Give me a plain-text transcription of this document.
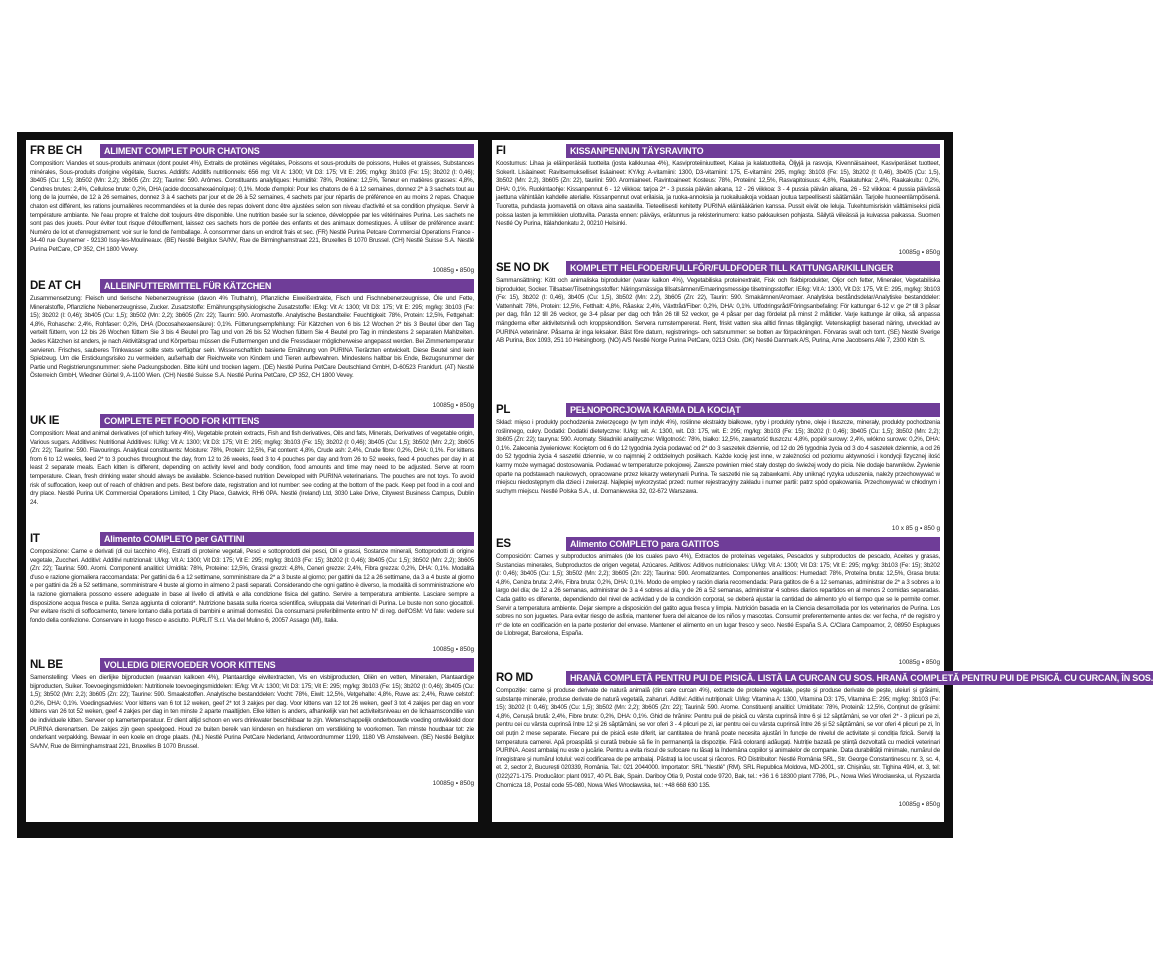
FR BE CH	ALIMENT COMPLET POUR CHATONS
Composition: Viandes et sous-produits animaux (dont poulet 4%), Extraits de protéines végétales, Poissons et sous-produits de poissons, Huiles et graisses, Substances minérales, Sous-produits d'origine végétale, Sucres. Additifs: Additifs nutritionnels: 656 mg: Vit A: 1300; Vit D3: 175; Vit E: 295; mg/kg: 3b103 (Fe: 15); 3b202 (I: 0,46); 3b405 (Cu: 1,5); 3b502 (Mn: 2,2); 3b605 (Zn: 22); Taurine: 590. Arômes. Constituants analytiques: Humidité: 78%, Protéine: 12,5%, Teneur en matières grasses: 4,8%, Cendres brutes: 2,4%, Cellulose brute: 0,2%, DHA (acide docosahexaénoïque): 0,1%. Mode d'emploi: Pour les chatons de 6 à 12 semaines, donnez 2* à 3 sachets tout au long de la journée, de 12 à 26 semaines, donnez 3 à 4 sachets par jour et de 26 à 52 semaines, 4 sachets par jour répartis de préférence en au moins 2 repas. Chaque chaton est différent, les rations journalières recommandées et la durée des repas doivent donc être ajustées selon son niveau d'activité et sa condition physique. Servir à température ambiante. Ne l'eau propre et fraîche doit toujours être disponible. Une nutrition basée sur la science, développée par les vétérinaires Purina. Les sachets ne sont pas des jouets. Pour éviter tout risque d'étouffement, laissez ces sachets hors de portée des enfants et des animaux domestiques. À utiliser de préférence avant: Numéro de lot et d'enregistrement: voir sur le fond de l'emballage. À consommer dans un endroit frais et sec. (FR) Nestlé Purina Petcare Commercial Operations France - 34-40 rue Guynemer - 92130 Issy-les-Moulineaux. (BE) Nestlé Belgilux SA/NV, Rue de Birminghamstraat 221, Bruxelles B 1070 Brussel. (CH) Nestlé Suisse S.A. Nestlé Purina PetCare, CP 352, CH 1800 Vevey.
10085g ▪ 850g
DE AT CH	ALLEINFUTTERMITTEL FÜR KÄTZCHEN
Zusammensetzung: Fleisch und tierische Nebenerzeugnisse (davon 4% Truthahn), Pflanzliche Eiweißextrakte, Fisch und Fischnebenerzeugnisse, Öle und Fette, Mineralstoffe, Pflanzliche Nebenerzeugnisse, Zucker. Zusatzstoffe: Ernährungsphysiologische Zusatzstoffe: IE/kg: Vit A: 1300; Vit D3: 175; Vit E: 295; mg/kg: 3b103 (Fe: 15); 3b202 (I: 0,46); 3b405 (Cu: 1,5); 3b502 (Mn: 2,2); 3b605 (Zn: 22); Taurin: 590. Aromastoffe. Analytische Bestandteile: Feuchtigkeit: 78%, Protein: 12,5%, Fettgehalt: 4,8%, Rohasche: 2,4%, Rohfaser: 0,2%, DHA (Docosahexaensäure): 0,1%. Fütterungsempfehlung: Für Kätzchen von 6 bis 12 Wochen 2* bis 3 Beutel über den Tag verteilt füttern, von 12 bis 26 Wochen füttern Sie 3 bis 4 Beutel pro Tag und von 26 bis 52 Wochen füttern Sie 4 Beutel pro Tag in mindestens 2 separaten Mahlzeiten. Jedes Kätzchen ist anders, je nach Aktivitätsgrad und Körperbau müssen die Futtermengen und die Fressdauer möglicherweise angepasst werden. Bei Zimmertemperatur servieren. Frisches, sauberes Trinkwasser sollte stets verfügbar sein. Wissenschaftlich basierte Ernährung von PURINA Tierärzten entwickelt. Diese Beutel sind kein Spielzeug. Um die Erstickungsrisiko zu vermeiden, außerhalb der Reichweite von Kindern und Tieren aufbewahren. Mindestens haltbar bis Ende, Bezugsnummer der Partie und Registrierungsnummer: siehe Packungsboden. Bitte kühl und trocken lagern. (DE) Nestlé Purina PetCare Deutschland GmbH, D-60523 Frankfurt. (AT) Nestlé Österreich GmbH, Wiedner Gürtel 9, A-1100 Wien. (CH) Nestlé Suisse S.A. Nestlé Purina PetCare, CP 352, CH 1800 Vevey.
10085g ▪ 850g
UK IE	COMPLETE PET FOOD FOR KITTENS
Composition: Meat and animal derivatives (of which turkey 4%), Vegetable protein extracts, Fish and fish derivatives, Oils and fats, Minerals, Derivatives of vegetable origin, Various sugars. Additives: Nutritional Additives: IU/kg: Vit A: 1300; Vit D3: 175; Vit E: 295; mg/kg: 3b103 (Fe: 15); 3b202 (I: 0,46); 3b405 (Cu: 1,5); 3b502 (Mn: 2,2); 3b605 (Zn: 22); Taurine: 590. Flavourings. Analytical constituents: Moisture: 78%, Protein: 12,5%, Fat content: 4,8%, Crude ash: 2,4%, Crude fibre: 0,2%, DHA: 0,1%. For kittens from 6 to 12 weeks, feed 2* to 3 pouches throughout the day, from 12 to 26 weeks, feed 3 to 4 pouches per day and from 26 to 52 weeks, feed 4 pouches per day in at least 2 separate meals. Each kitten is different, depending on activity level and body condition, food amounts and time may need to be adjusted. Serve at room temperature. Clean, fresh drinking water should always be available. Science-based nutrition Developed with PURINA veterinarians. The pouches are not toys. To avoid risk of suffocation, keep out of reach of children and pets. Best before date, registration and lot number: see coding at the bottom of the pack. Keep pet food in a cool and dry place. Nestlé Purina UK Commercial Operations Limited, 1 City Place, Gatwick, RH6 0PA. Nestlé (Ireland) Ltd, 3030 Lake Drive, Citywest Business Campus, Dublin 24.
IT	Alimento COMPLETO per GATTINI
Composizione: Carne e derivati (di cui tacchino 4%), Estratti di proteine vegetali, Pesci e sottoprodotti dei pesci, Oli e grassi, Sostanze minerali, Sottoprodotti di origine vegetale, Zuccheri. Additivi: Additivi nutrizionali: UI/kg: Vit A: 1300; Vit D3: 175; Vit E: 295; mg/kg: 3b103 (Fe: 15); 3b202 (I: 0,46); 3b405 (Cu: 1,5); 3b502 (Mn: 2,2); 3b605 (Zn: 22); Taurina: 590. Aromi. Componenti analitici: Umidità: 78%, Proteine: 12,5%, Grassi grezzi: 4,8%, Ceneri grezze: 2,4%, Fibra grezza: 0,2%, DHA: 0,1%. Modalità d'uso e razione giornaliera raccomandata: Per gattini da 6 a 12 settimane, somministrare da 2* a 3 buste al giorno; per gattini da 12 a 26 settimane, da 3 a 4 buste al giorno e per gattini da 26 a 52 settimane, somministrare 4 buste al giorno in almeno 2 pasti separati. Considerando che ogni gattino è diverso, la modalità di somministrazione e/o la razione giornaliera possono essere adeguate in base al livello di attività e alla condizione fisica del gattino. Servire a temperatura ambiente. Lasciare sempre a disposizione acqua fresca e pulita. Senza aggiunta di coloranti*. Nutrizione basata sulla ricerca scientifica, sviluppata dai Veterinari di Purina. Le buste non sono giocattoli. Per evitare rischi di soffocamento, tenere lontano dalla portata di bambini e animali domestici. Da consumarsi preferibilmente entro N° di reg. dell'OSM: Vd fate: vedere sul fondo della confezione. Conservare in luogo fresco e asciutto. PURLIT S.r.l. Via del Mulino 6, 20057 Assago (MI), Italia.
10085g ▪ 850g
NL BE	VOLLEDIG DIERVOEDER VOOR KITTENS
Samenstelling: Vlees en dierlijke bijproducten (waarvan kalkoen 4%), Plantaardige eiwitextracten, Vis en visbijproducten, Oliën en vetten, Mineralen, Plantaardige bijproducten, Suiker. Toevoegingsmiddelen: Nutritionele toevoegingsmiddelen: IE/kg: Vit A: 1300; Vit D3: 175; Vit E: 295; mg/kg: 3b103 (Fe: 15); 3b202 (I: 0,46); 3b405 (Cu: 1,5); 3b502 (Mn: 2,2); 3b605 (Zn: 22); Taurine: 590. Smaakstoffen. Analytische bestanddelen: Vocht: 78%, Eiwit: 12,5%, Vetgehalte: 4,8%, Ruwe as: 2,4%, Ruwe celstof: 0,2%, DHA: 0,1%. Voedingsadvies: Voor kittens van 6 tot 12 weken, geef 2* tot 3 zakjes per dag. Voor kittens van 12 tot 26 weken, geef 3 tot 4 zakjes per dag en voor kittens van 26 tot 52 weken, geef 4 zakjes per dag in ten minste 2 aparte maaltijden. Elke kitten is anders, afhankelijk van het activiteitsniveau en de lichaamsconditie van de individuele kitten. Serveer op kamertemperatuur. Er dient altijd schoon en vers drinkwater beschikbaar te zijn. Wetenschappelijk onderbouwde voeding ontwikkeld door PURINA dierenartsen. De zakjes zijn geen speelgoed. Houd ze buiten bereik van kinderen en huisdieren om verstikking te voorkomen. Ten minste houdbaar tot: zie onderkant verpakking. Bewaar in een koele en droge plaats. (NL) Nestlé Purina PetCare Nederland, Antwoordnummer 1199, 1180 VB Amstelveen. (BE) Nestlé Belgilux SA/NV, Rue de Birminghamstraat 221, Bruxelles B 1070 Brussel.
10085g ▪ 850g
FI	KISSANPENNUN TÄYSRAVINTO
Koostumus: Lihaa ja eläinperäisiä tuotteita (josta kalkkunaa 4%), Kasviproteiiniuutteet, Kalaa ja kalatuotteita, Öljyjä ja rasvoja, Kivennäisaineet, Kasviperäiset tuotteet, Sokerit. Lisäaineet: Ravitsemukselliset lisäaineet: KY/kg: A-vitamiini: 1300, D3-vitamiini: 175, E-vitamiini: 295, mg/kg: 3b103 (Fe: 15), 3b202 (I: 0,46), 3b405 (Cu: 1,5), 3b502 (Mn: 2,2), 3b605 (Zn: 22), tauriini: 590. Aromiaineet. Ravintoaineet: Kosteus: 78%, Proteiini: 12,5%, Rasvapitoisuus: 4,8%, Raakatuhka: 2,4%, Raakakuitu: 0,2%, DHA: 0,1%. Ruokintaohje: Kissanpennut 6 - 12 viikkoa: tarjoa 2* - 3 pussia päivän aikana, 12 - 26 viikkoa: 3 - 4 pussia päivän aikana, 26 - 52 viikkoa: 4 pussia päivässä jaettuna vähintään kahdelle aterialle. Kissanpennut ovat erilaisia, ja ruoka-annoksia ja ruokailuaikoja voidaan joutua tarpeellisesti säätämään. Tarjoile huoneenlämpöisenä. Tuoretta, puhdasta juomavettä on oltava aina saatavilla. Tieteellisesti kehitetty PURINA eläinlääkärien kanssa. Pussit eivät ole leluja. Tukehtumisriskin välttämiseksi pidä poissa lasten ja lemmikkien ulottuvilta. Parasta ennen: päiväys, erätunnus ja rekisterinumero: katso pakkauksen pohjasta. Säilytä viileässä ja kuivassa paikassa. Suomen Nestlé Oy Purina, Itälahdenkatu 2, 00210 Helsinki.
10085g ▪ 850g
SE NO DK	KOMPLETT HELFODER/FULLFÔR/FULDFODER TILL KATTUNGAR/KILLINGER
Sammansättning: Kött och animaliska biprodukter (varav kalkon 4%), Vegetabiliska proteinextrakt, Fisk och fiskbiprodukter, Oljor och fetter, Mineraler, Vegetabiliska biprodukter, Socker. Tillsatser/Tilsetningsstoffer: Näringsmässiga tillsatsämnen/Ernæringsmessige tilsetningsstoffer: IE/kg: Vit A: 1300, Vit D3: 175, Vit E: 295, mg/kg: 3b103 (Fe: 15), 3b202 (I: 0,46), 3b405 (Cu: 1,5), 3b502 (Mn: 2,2), 3b605 (Zn: 22), Taurin: 590. Smakämnen/Aromaer. Analytiska beståndsdelar/Analytiske bestanddeler: Vattenhalt: 78%, Protein: 12,5%, Fetthalt: 4,8%, Råaska: 2,4%, Växttråd/Fiber: 0,2%, DHA: 0,1%. Utfodringsråd/Fôringsanbefaling: För kattungar 6-12 v: ge 2* till 3 påsar per dag, från 12 till 26 veckor, ge 3-4 påsar per dag och från 26 till 52 veckor, ge 4 påsar per dag fördelat på minst 2 måltider. Varje kattunge är olika, så anpassa mängderna efter aktivitetsnivå och kroppskondition. Servera rumstempererat. Rent, friskt vatten ska alltid finnas tillgängligt. Vetenskapligt baserad näring, utvecklad av PURINA veterinärer. Påsarna är inga leksaker. Bäst före datum, registrerings- och satsnummer: se botten av förpackningen. Förvaras svalt och torrt. (SE) Nestlé Sverige AB Purina, Box 1093, 251 10 Helsingborg. (NO) A/S Nestlé Norge Purina PetCare, 0213 Oslo. (DK) Nestlé Danmark A/S, Purina, Arne Jacobsens Allé 7, 2300 Kbh S.
PL	PEŁNOPORCJOWA KARMA DLA KOCIĄT
Skład: mięso i produkty pochodzenia zwierzęcego (w tym indyk 4%), roślinne ekstrakty białkowe, ryby i produkty rybne, oleje i tłuszcze, minerały, produkty pochodzenia roślinnego, cukry. Dodatki: Dodatki dietetyczne: IU/kg: wit. A: 1300, wit. D3: 175, wit. E: 295; mg/kg: 3b103 (Fe: 15); 3b202 (I: 0,46); 3b405 (Cu: 1,5); 3b502 (Mn: 2,2); 3b605 (Zn: 22); tauryna: 590. Aromaty. Składniki analityczne: Wilgotność: 78%, białko: 12,5%, zawartość tłuszczu: 4,8%, popiół surowy: 2,4%, włókno surowe: 0,2%, DHA: 0,1%. Zalecenia żywieniowe: Kociętom od 6 do 12 tygodnia życia podawać od 2* do 3 saszetek dziennie, od 12 do 26 tygodnia życia od 3 do 4 saszetek dziennie, a od 26 do 52 tygodnia życia 4 saszetki dziennie, w co najmniej 2 oddzielnych posiłkach. Każde kocię jest inne, w zależności od poziomu aktywności i kondycji fizycznej ilość karmy może wymagać dostosowania. Podawać w temperaturze pokojowej. Zawsze powinien mieć stały dostęp do świeżej wody do picia. Nie dodaje barwników. Żywienie oparte na podstawach naukowych, opracowane przez lekarzy weterynarii Purina. Te saszetki nie są zabawkami. Aby uniknąć ryzyka uduszenia, należy przechowywać w miejscu niedostępnym dla dzieci i zwierząt. Najlepiej wykorzystać przed: numer rejestracyjny zakładu i numer partii: patrz spód opakowania. Przechowywać w chłodnym i suchym miejscu. Nestlé Polska S.A., ul. Domaniewska 32, 02-672 Warszawa.
10 x 85 g ▪ 850 g
ES	Alimento COMPLETO para GATITOS
Composición: Carnes y subproductos animales (de los cuales pavo 4%), Extractos de proteínas vegetales, Pescados y subproductos de pescado, Aceites y grasas, Sustancias minerales, Subproductos de origen vegetal, Azúcares. Aditivos: Aditivos nutricionales: UI/kg: Vit A: 1300; Vit D3: 175; Vit E: 295; mg/kg: 3b103 (Fe: 15); 3b202 (I: 0,46); 3b405 (Cu: 1,5); 3b502 (Mn: 2,2); 3b605 (Zn: 22); Taurina: 590. Aromatizantes. Componentes analíticos: Humedad: 78%, Proteína bruta: 12,5%, Grasa bruta: 4,8%, Ceniza bruta: 2,4%, Fibra bruta: 0,2%, DHA: 0,1%. Modo de empleo y ración diaria recomendada: Para gatitos de 6 a 12 semanas, administrar de 2* a 3 sobres a lo largo del día; de 12 a 26 semanas, administrar de 3 a 4 sobres al día, y de 26 a 52 semanas, administrar 4 sobres diarios repartidos en al menos 2 comidas separadas. Cada gatito es diferente, dependiendo del nivel de actividad y de la condición corporal, se deberá ajustar la cantidad de alimento y/o el tiempo que se le permite comer. Servir a temperatura ambiente. Dejar siempre a disposición del gatito agua fresca y limpia. Nutrición basada en la Ciencia desarrollada por los veterinarios de Purina. Los sobres no son juguetes. Para evitar riesgo de asfixia, mantener fuera del alcance de los niños y mascotas. Consumir preferentemente antes de: ver fecha, nº de registro y nº de lote en codificación en la parte posterior del envase. Mantener el alimento en un lugar fresco y seco. Nestlé España S.A. C/Clara Campoamor, 2, 08950 Esplugues de Llobregat, Barcelona, España.
10085g ▪ 850g
RO MD	HRANĂ COMPLETĂ PENTRU PUI DE PISICĂ. LISTĂ LA CURCAN CU SOS. HRANĂ COMPLETĂ PENTRU PUI DE PISICĂ. CU CURCAN, ÎN SOS.
Compoziție: carne și produse derivate de natură animală (din care curcan 4%), extracte de proteine vegetale, pește și produse derivate de pește, uleiuri și grăsimi, substanțe minerale, produse derivate de natură vegetală, zaharuri. Aditivi: Aditivi nutriționali: UI/kg: Vitamina A: 1300, Vitamina D3: 175, Vitamina E: 295; mg/kg: 3b103 (Fe: 15); 3b202 (I: 0,46); 3b405 (Cu: 1,5); 3b502 (Mn: 2,2); 3b605 (Zn: 22); Taurină: 590. Arome. Constituenți analitici: Umiditate: 78%, Proteină: 12,5%, Conținut de grăsimi: 4,8%, Cenușă brută: 2,4%, Fibre brute: 0,2%, DHA: 0,1%. Ghid de hrănire: Pentru puii de pisică cu vârsta cuprinsă între 6 și 12 săptămâni, se vor oferi 2* - 3 plicuri pe zi, pentru cei cu vârsta cuprinsă între 12 și 26 săptămâni, se vor oferi 3 - 4 plicuri pe zi, iar pentru cei cu vârsta cuprinsă între 26 și 52 săptămâni, se vor oferi 4 plicuri pe zi, în cel puțin 2 mese separate. Fiecare pui de pisică este diferit, iar cantitatea de hrană poate necesita ajustări în funcție de nivelul de activitate și condiția fizică. Serviți la temperatura camerei. Apă proaspătă și curată trebuie să fie în permanență la dispoziție. Fără coloranți adăugați. Nutriție bazată pe știință dezvoltată cu medicii veterinari PURINA. Acest ambalaj nu este o jucărie. Pentru a evita riscul de sufocare nu lăsați la îndemâna copiilor și animalelor de companie. Data durabilității minimale, numărul de înregistrare și numărul lotului: vezi codificarea de pe ambalaj. Păstrați la loc uscat și răcoros. RO Distribuitor: Nestlé România SRL, Str. George Constantinescu nr. 3, sc. 4, et. 2, sector 2, București 020339, România. Tel.: 021 2044000. Importator: SRL "Nestlé" (RM). SRL Republica Moldova, MD-2001, str. Chișinău, str. Tighina 49/4, et. 3, tel: (022)271-175. Producător: plant 0917, 40 PL Bak, Spain. Dariboy Otia 9, Postal code 9720, Bak, tel.: +36 1 6 18300 plant 7786, PL-, Nowa Wieś Wrocławska, ul. Ryszarda Chomicza 18, Postal code 55-080, Nowa Wieś Wrocławska, tel.: +48 668 630 135.
10085g ▪ 850g
